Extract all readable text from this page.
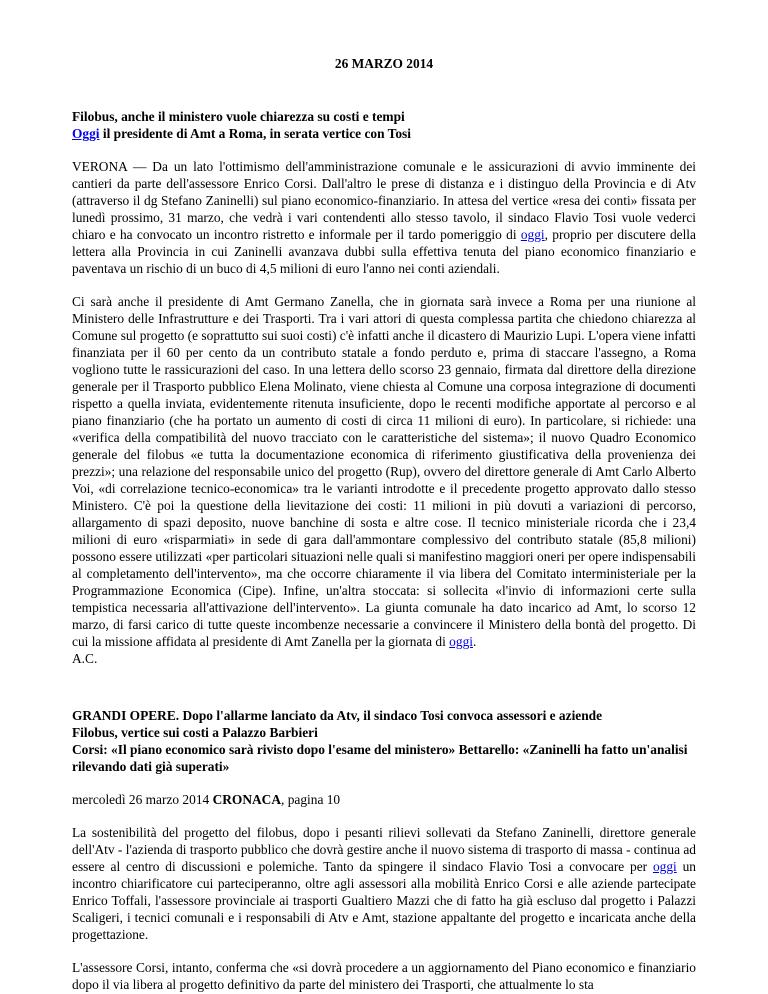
26 MARZO 2014

Filobus, anche il ministero vuole chiarezza su costi e tempi
Oggi il presidente di Amt a Roma, in serata vertice con Tosi

VERONA — Da un lato l'ottimismo dell'amministrazione comunale e le assicurazioni di avvio imminente dei cantieri da parte dell'assessore Enrico Corsi. Dall'altro le prese di distanza e i distinguo della Provincia e di Atv (attraverso il dg Stefano Zaninelli) sul piano economico-finanziario. In attesa del vertice «resa dei conti» fissata per lunedì prossimo, 31 marzo, che vedrà i vari contendenti allo stesso tavolo, il sindaco Flavio Tosi vuole vederci chiaro e ha convocato un incontro ristretto e informale per il tardo pomeriggio di oggi, proprio per discutere della lettera alla Provincia in cui Zaninelli avanzava dubbi sulla effettiva tenuta del piano economico finanziario e paventava un rischio di un buco di 4,5 milioni di euro l'anno nei conti aziendali.

Ci sarà anche il presidente di Amt Germano Zanella, che in giornata sarà invece a Roma per una riunione al Ministero delle Infrastrutture e dei Trasporti. Tra i vari attori di questa complessa partita che chiedono chiarezza al Comune sul progetto (e soprattutto sui suoi costi) c'è infatti anche il dicastero di Maurizio Lupi. L'opera viene infatti finanziata per il 60 per cento da un contributo statale a fondo perduto e, prima di staccare l'assegno, a Roma vogliono tutte le rassicurazioni del caso. In una lettera dello scorso 23 gennaio, firmata dal direttore della direzione generale per il Trasporto pubblico Elena Molinato, viene chiesta al Comune una corposa integrazione di documenti rispetto a quella inviata, evidentemente ritenuta insuficiente, dopo le recenti modifiche apportate al percorso e al piano finanziario (che ha portato un aumento di costi di circa 11 milioni di euro). In particolare, si richiede: una «verifica della compatibilità del nuovo tracciato con le caratteristiche del sistema»; il nuovo Quadro Economico generale del filobus «e tutta la documentazione economica di riferimento giustificativa della provenienza dei prezzi»; una relazione del responsabile unico del progetto (Rup), ovvero del direttore generale di Amt Carlo Alberto Voi, «di correlazione tecnico-economica» tra le varianti introdotte e il precedente progetto approvato dallo stesso Ministero. C'è poi la questione della lievitazione dei costi: 11 milioni in più dovuti a variazioni di percorso, allargamento di spazi deposito, nuove banchine di sosta e altre cose. Il tecnico ministeriale ricorda che i 23,4 milioni di euro «risparmiati» in sede di gara dall'ammontare complessivo del contributo statale (85,8 milioni) possono essere utilizzati «per particolari situazioni nelle quali si manifestino maggiori oneri per opere indispensabili al completamento dell'intervento», ma che occorre chiaramente il via libera del Comitato interministeriale per la Programmazione Economica (Cipe). Infine, un'altra stoccata: si sollecita «l'invio di informazioni certe sulla tempistica necessaria all'attivazione dell'intervento». La giunta comunale ha dato incarico ad Amt, lo scorso 12 marzo, di farsi carico di tutte queste incombenze necessarie a convincere il Ministero della bontà del progetto. Di cui la missione affidata al presidente di Amt Zanella per la giornata di oggi.
A.C.

GRANDI OPERE. Dopo l'allarme lanciato da Atv, il sindaco Tosi convoca assessori e aziende
Filobus, vertice sui costi a Palazzo Barbieri
Corsi: «Il piano economico sarà rivisto dopo l'esame del ministero» Bettarello: «Zaninelli ha fatto un'analisi rilevando dati già superati»

mercoledì 26 marzo 2014 CRONACA, pagina 10

La sostenibilità del progetto del filobus, dopo i pesanti rilievi sollevati da Stefano Zaninelli, direttore generale dell'Atv - l'azienda di trasporto pubblico che dovrà gestire anche il nuovo sistema di trasporto di massa - continua ad essere al centro di discussioni e polemiche. Tanto da spingere il sindaco Flavio Tosi a convocare per oggi un incontro chiarificatore cui parteciperanno, oltre agli assessori alla mobilità Enrico Corsi e alle aziende partecipate Enrico Toffali, l'assessore provinciale ai trasporti Gualtiero Mazzi che di fatto ha già escluso dal progetto i Palazzi Scaligeri, i tecnici comunali e i responsabili di Atv e Amt, stazione appaltante del progetto e incaricata anche della progettazione.

L'assessore Corsi, intanto, conferma che «si dovrà procedere a un aggiornamento del Piano economico e finanziario dopo il via libera al progetto definitivo da parte del ministero dei Trasporti, che attualmente lo sta
